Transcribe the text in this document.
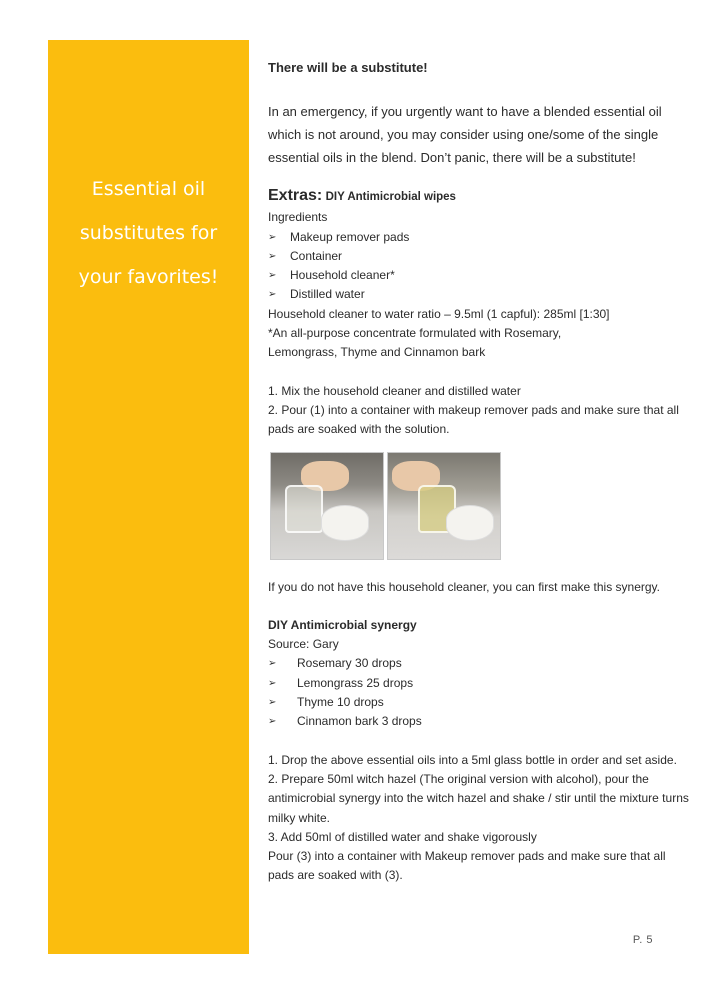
Essential oil
substitutes for
your favorites!

There will be a substitute!

In an emergency, if you urgently want to have a blended essential oil which is not around, you may consider using one/some of the single essential oils in the blend. Don’t panic, there will be a substitute!

Extras: DIY Antimicrobial wipes

Ingredients

➢ Makeup remover pads
➢ Container
➢ Household cleaner*
➢ Distilled water

Household cleaner to water ratio – 9.5ml (1 capful): 285ml [1:30]

*An all-purpose concentrate formulated with Rosemary,

Lemongrass, Thyme and Cinnamon bark

1. Mix the household cleaner and distilled water

2. Pour (1) into a container with makeup remover pads and make sure that all pads are soaked with the solution.

If you do not have this household cleaner, you can first make this synergy.

DIY Antimicrobial synergy

Source: Gary

➢ Rosemary 30 drops
➢ Lemongrass 25 drops
➢ Thyme 10 drops
➢ Cinnamon bark 3 drops

1. Drop the above essential oils into a 5ml glass bottle in order and set aside.

2. Prepare 50ml witch hazel (The original version with alcohol), pour the antimicrobial synergy into the witch hazel and shake / stir until the mixture turns milky white.

3. Add 50ml of distilled water and shake vigorously

Pour (3) into a container with Makeup remover pads and make sure that all pads are soaked with (3).

P. 5
